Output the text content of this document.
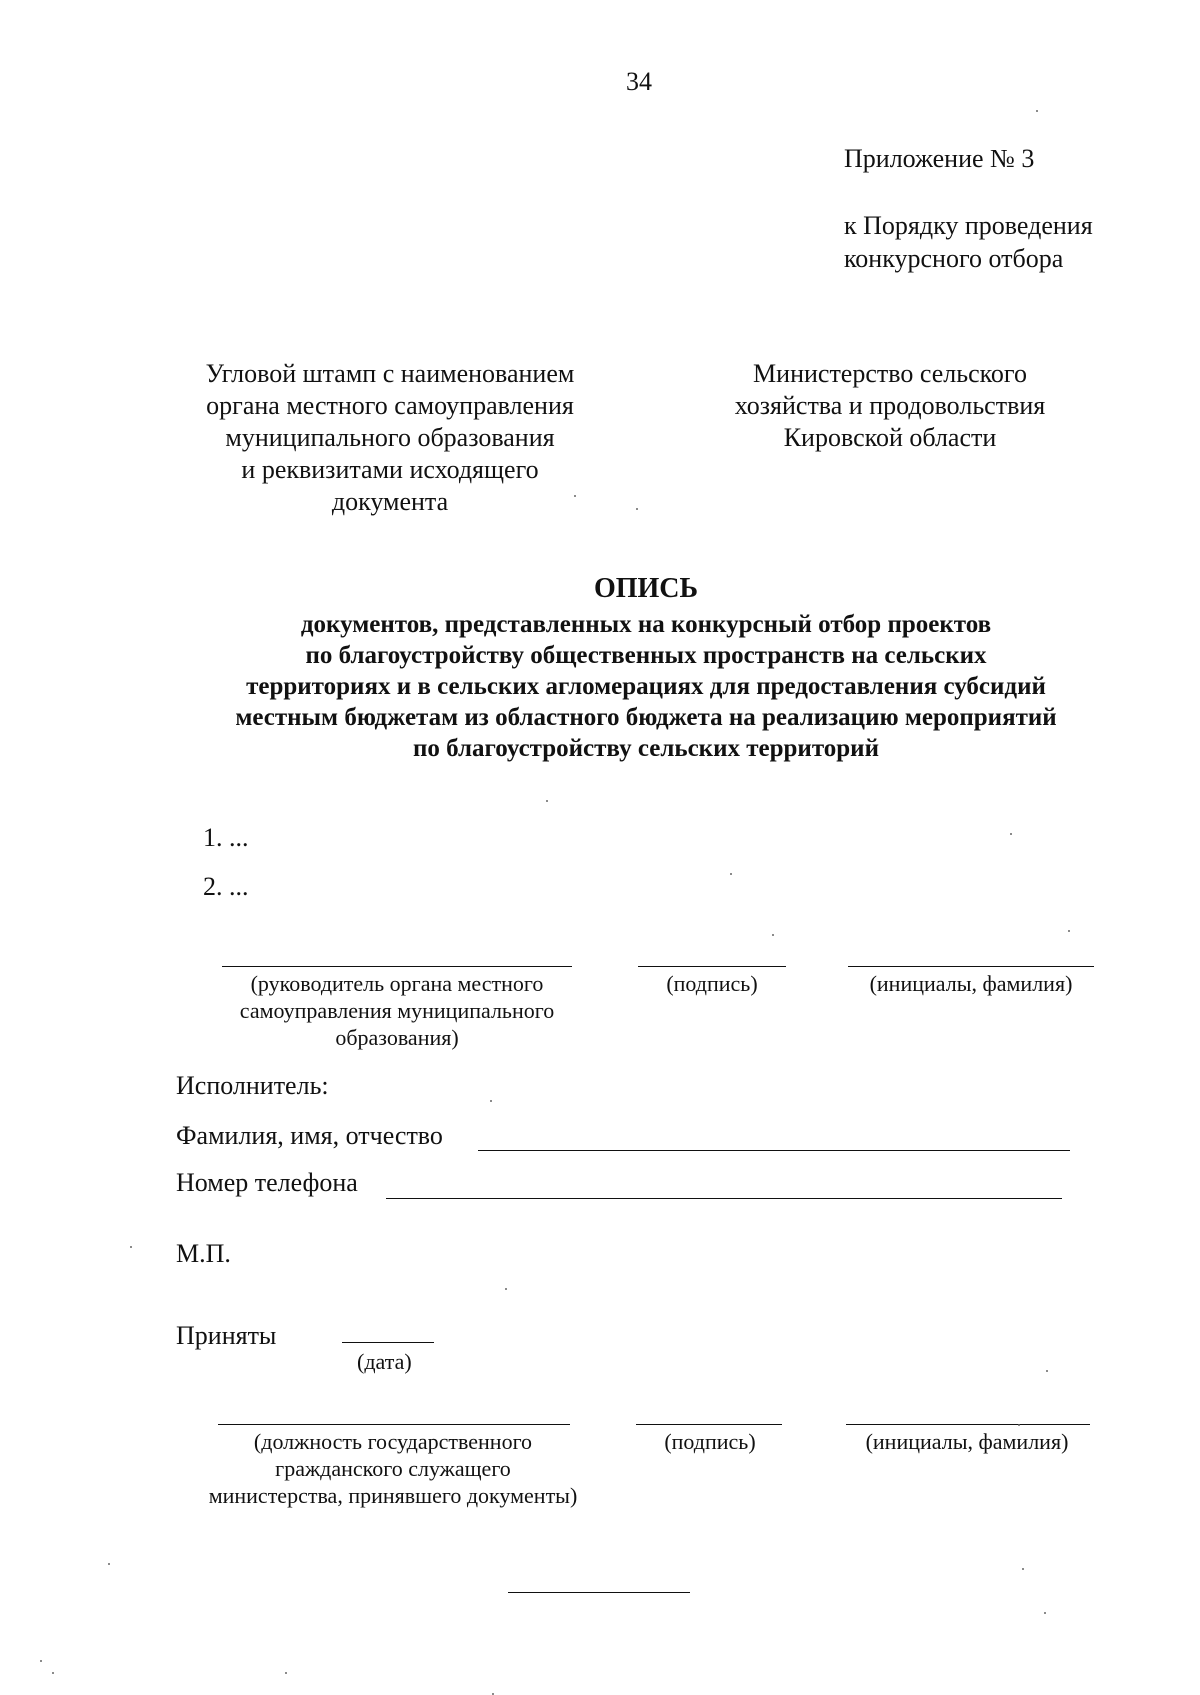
34
Приложение № 3
к Порядку проведения
конкурсного отбора
Угловой штамп с наименованием
органа местного самоуправления
муниципального образования
и реквизитами исходящего
документа
Министерство сельского
хозяйства и продовольствия
Кировской области
ОПИСЬ
документов, представленных на конкурсный отбор проектов
по благоустройству общественных пространств на сельских
территориях и в сельских агломерациях для предоставления субсидий
местным бюджетам из областного бюджета на реализацию мероприятий
по благоустройству сельских территорий
1. ...
2. ...
(руководитель органа местного
самоуправления муниципального
образования)
(подпись)	(инициалы, фамилия)
Исполнитель:
Фамилия, имя, отчество
Номер телефона
М.П.
Приняты
(дата)
(должность государственного
гражданского служащего
министерства, принявшего документы)
(подпись)	(инициалы, фамилия)
